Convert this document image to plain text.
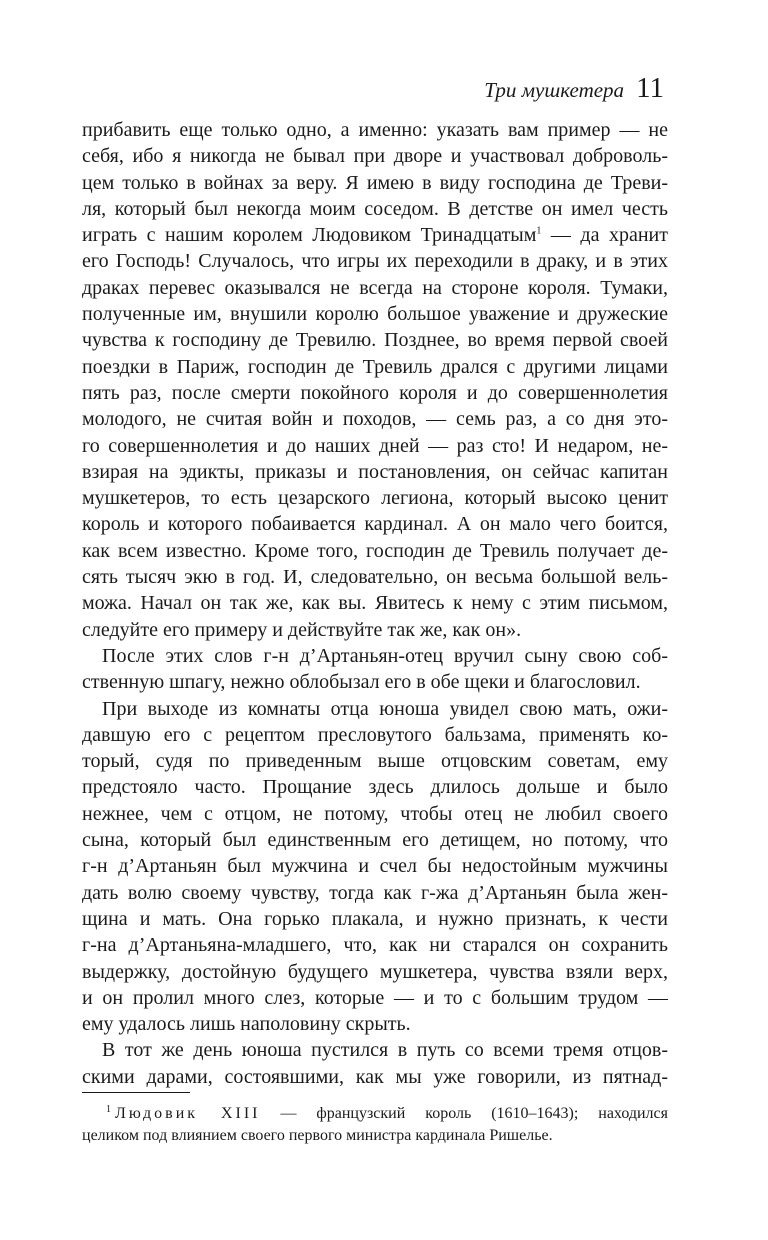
Три мушкетера 11
прибавить еще только одно, а именно: указать вам пример — не
себя, ибо я никогда не бывал при дворе и участвовал доброволь-
цем только в войнах за веру. Я имею в виду господина де Треви-
ля, который был некогда моим соседом. В детстве он имел честь
играть с нашим королем Людовиком Тринадцатым$^1$ — да хранит
его Господь! Случалось, что игры их переходили в драку, и в этих
драках перевес оказывался не всегда на стороне короля. Тумаки,
полученные им, внушили королю большое уважение и дружеские
чувства к господину де Тревилю. Позднее, во время первой своей
поездки в Париж, господин де Тревиль дрался с другими лицами
пять раз, после смерти покойного короля и до совершеннолетия
молодого, не считая войн и походов, — семь раз, а со дня это-
го совершеннолетия и до наших дней — раз сто! И недаром, не-
взирая на эдикты, приказы и постановления, он сейчас капитан
мушкетеров, то есть цезарского легиона, который высоко ценит
король и которого побаивается кардинал. А он мало чего боится,
как всем известно. Кроме того, господин де Тревиль получает де-
сять тысяч экю в год. И, следовательно, он весьма большой вель-
можа. Начал он так же, как вы. Явитесь к нему с этим письмом,
следуйте его примеру и действуйте так же, как он».
После этих слов г-н д’Артаньян-отец вручил сыну свою соб-
ственную шпагу, нежно облобызал его в обе щеки и благословил.
При выходе из комнаты отца юноша увидел свою мать, ожи-
давшую его с рецептом пресловутого бальзама, применять ко-
торый, судя по приведенным выше отцовским советам, ему
предстояло часто. Прощание здесь длилось дольше и было
нежнее, чем с отцом, не потому, чтобы отец не любил своего
сына, который был единственным его детищем, но потому, что
г-н д’Артаньян был мужчина и счел бы недостойным мужчины
дать волю своему чувству, тогда как г-жа д’Артаньян была жен-
щина и мать. Она горько плакала, и нужно признать, к чести
г-на д’Артаньяна-младшего, что, как ни старался он сохранить
выдержку, достойную будущего мушкетера, чувства взяли верх,
и он пролил много слез, которые — и то с большим трудом —
ему удалось лишь наполовину скрыть.
В тот же день юноша пустился в путь со всеми тремя отцов-
скими дарами, состоявшими, как мы уже говорили, из пятнад-
$^1$ Людовик XIII — французский король (1610–1643); находился
целиком под влиянием своего первого министра кардинала Ришелье.
